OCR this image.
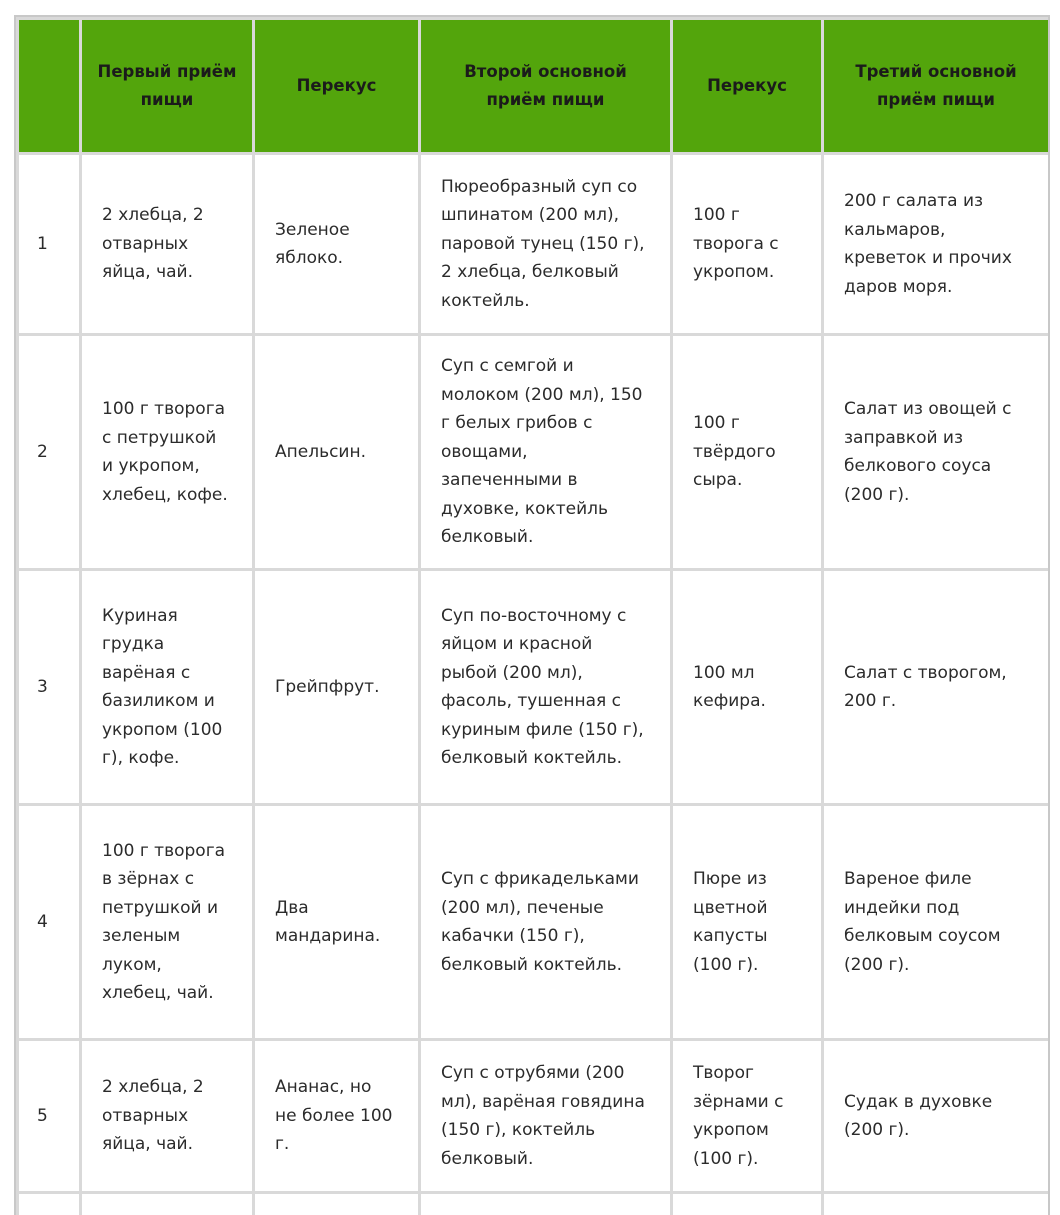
	Первый приём пищи	Перекус	Второй основной приём пищи	Перекус	Третий основной приём пищи
1	2 хлебца, 2 отварных яйца, чай.	Зеленое яблоко.	Пюреобразный суп со шпинатом (200 мл), паровой тунец (150 г), 2 хлебца, белковый коктейль.	100 г творога с укропом.	200 г салата из кальмаров, креветок и прочих даров моря.
2	100 г творога с петрушкой и укропом, хлебец, кофе.	Апельсин.	Суп с семгой и молоком (200 мл), 150 г белых грибов с овощами, запеченными в духовке, коктейль белковый.	100 г твёрдого сыра.	Салат из овощей с заправкой из белкового соуса (200 г).
3	Куриная грудка варёная с базиликом и укропом (100 г), кофе.	Грейпфрут.	Суп по-восточному с яйцом и красной рыбой (200 мл), фасоль, тушенная с куриным филе (150 г), белковый коктейль.	100 мл кефира.	Салат с творогом, 200 г.
4	100 г творога в зёрнах с петрушкой и зеленым луком, хлебец, чай.	Два мандарина.	Суп с фрикадельками (200 мл), печеные кабачки (150 г), белковый коктейль.	Пюре из цветной капусты (100 г).	Вареное филе индейки под белковым соусом (200 г).
5	2 хлебца, 2 отварных яйца, чай.	Ананас, но не более 100 г.	Суп с отрубями (200 мл), варёная говядина (150 г), коктейль белковый.	Творог зёрнами с укропом (100 г).	Судак в духовке (200 г).
